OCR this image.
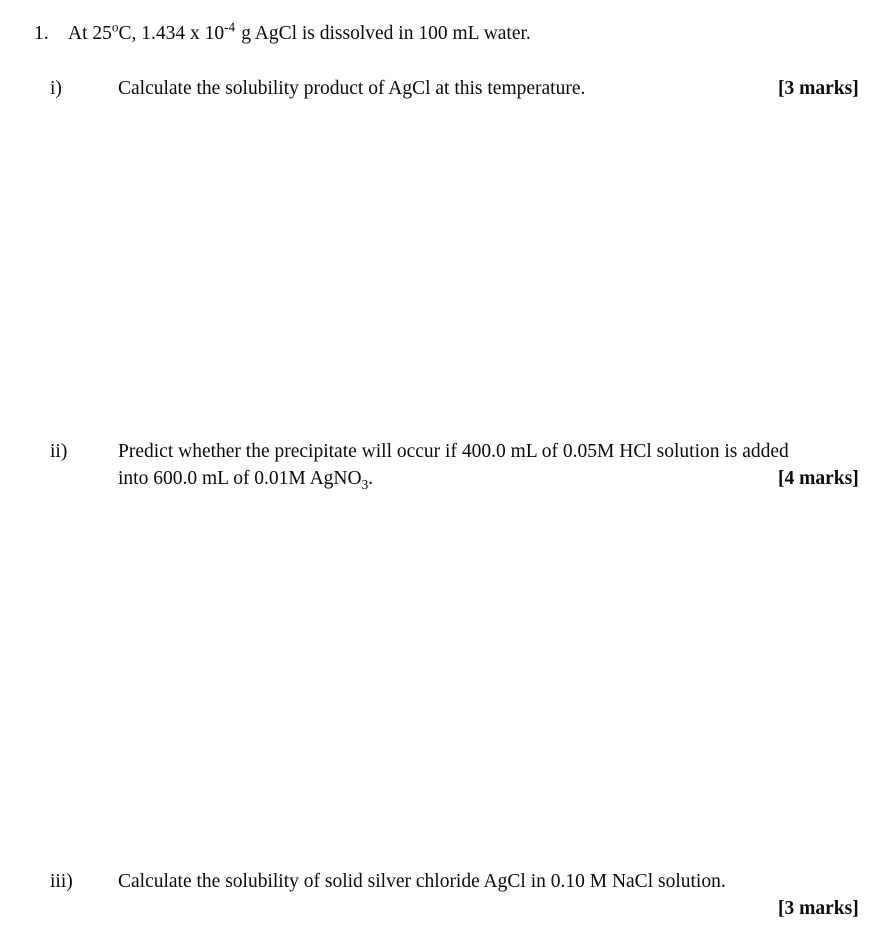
1. At 25$^o$C, 1.434 x $10^{-4}$ g AgCl is dissolved in 100 mL water.
i)	Calculate the solubility product of AgCl at this temperature.	[3 marks]
ii)	Predict whether the precipitate will occur if 400.0 mL of 0.05M HCl solution is added
into 600.0 mL of 0.01M AgNO$_3$.	[4 marks]
iii)	Calculate the solubility of solid silver chloride AgCl in 0.10 M NaCl solution.
[3 marks]
